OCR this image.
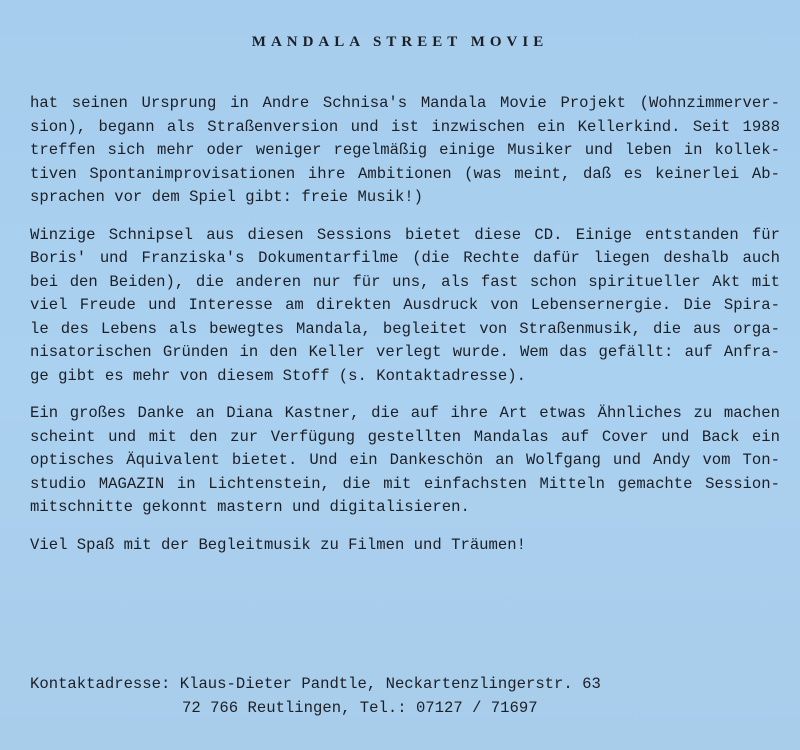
MANDALA STREET MOVIE
hat seinen Ursprung in Andre Schnisa's Mandala Movie Projekt (Wohnzimmerver-
sion), begann als Straßenversion und ist inzwischen ein Kellerkind. Seit 1988
treffen sich mehr oder weniger regelmäßig einige Musiker und leben in kollek-
tiven Spontanimprovisationen ihre Ambitionen (was meint, daß es keinerlei Ab-
sprachen vor dem Spiel gibt: freie Musik!)
Winzige Schnipsel aus diesen Sessions bietet diese CD. Einige entstanden für
Boris' und Franziska's Dokumentarfilme (die Rechte dafür liegen deshalb auch
bei den Beiden), die anderen nur für uns, als fast schon spiritueller Akt mit
viel Freude und Interesse am direkten Ausdruck von Lebensernergie. Die Spira-
le des Lebens als bewegtes Mandala, begleitet von Straßenmusik, die aus orga-
nisatorischen Gründen in den Keller verlegt wurde. Wem das gefällt: auf Anfra-
ge gibt es mehr von diesem Stoff (s. Kontaktadresse).
Ein großes Danke an Diana Kastner, die auf ihre Art etwas Ähnliches zu machen
scheint und mit den zur Verfügung gestellten Mandalas auf Cover und Back ein
optisches Äquivalent bietet. Und ein Dankeschön an Wolfgang und Andy vom Ton-
studio MAGAZIN in Lichtenstein, die mit einfachsten Mitteln gemachte Session-
mitschnitte gekonnt mastern und digitalisieren.
Viel Spaß mit der Begleitmusik zu Filmen und Träumen!
Kontaktadresse: Klaus-Dieter Pandtle, Neckartenzlingerstr. 63
72 766 Reutlingen, Tel.: 07127 / 71697
